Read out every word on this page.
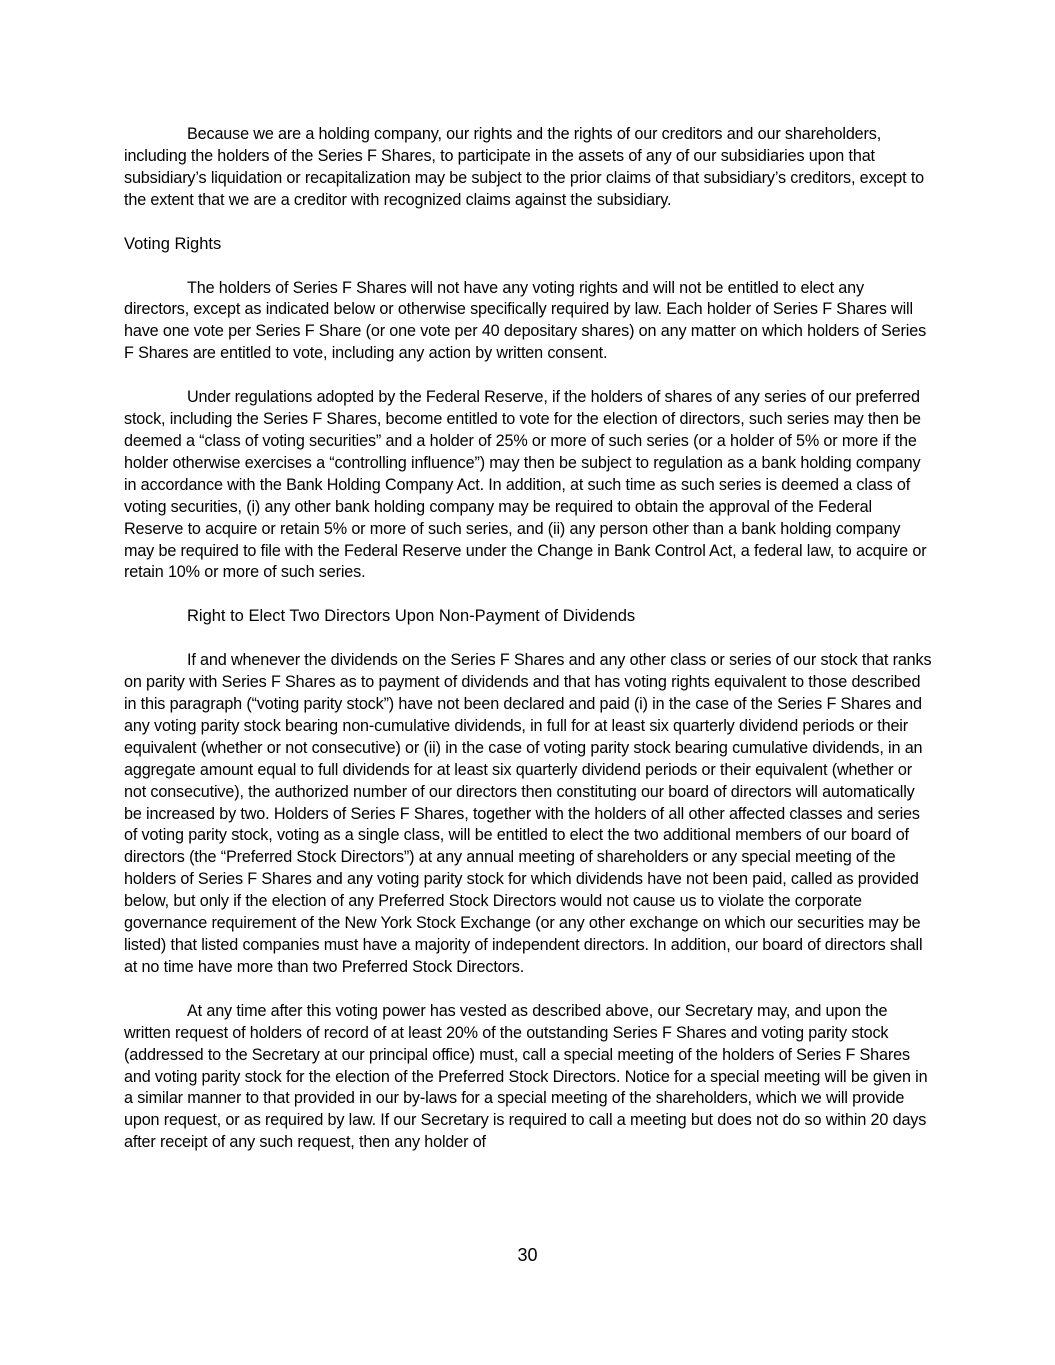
Because we are a holding company, our rights and the rights of our creditors and our shareholders, including the holders of the Series F Shares, to participate in the assets of any of our subsidiaries upon that subsidiary’s liquidation or recapitalization may be subject to the prior claims of that subsidiary’s creditors, except to the extent that we are a creditor with recognized claims against the subsidiary.

Voting Rights

The holders of Series F Shares will not have any voting rights and will not be entitled to elect any directors, except as indicated below or otherwise specifically required by law. Each holder of Series F Shares will have one vote per Series F Share (or one vote per 40 depositary shares) on any matter on which holders of Series F Shares are entitled to vote, including any action by written consent.

Under regulations adopted by the Federal Reserve, if the holders of shares of any series of our preferred stock, including the Series F Shares, become entitled to vote for the election of directors, such series may then be deemed a “class of voting securities” and a holder of 25% or more of such series (or a holder of 5% or more if the holder otherwise exercises a “controlling influence”) may then be subject to regulation as a bank holding company in accordance with the Bank Holding Company Act. In addition, at such time as such series is deemed a class of voting securities, (i) any other bank holding company may be required to obtain the approval of the Federal Reserve to acquire or retain 5% or more of such series, and (ii) any person other than a bank holding company may be required to file with the Federal Reserve under the Change in Bank Control Act, a federal law, to acquire or retain 10% or more of such series.

Right to Elect Two Directors Upon Non-Payment of Dividends

If and whenever the dividends on the Series F Shares and any other class or series of our stock that ranks on parity with Series F Shares as to payment of dividends and that has voting rights equivalent to those described in this paragraph (“voting parity stock”) have not been declared and paid (i) in the case of the Series F Shares and any voting parity stock bearing non-cumulative dividends, in full for at least six quarterly dividend periods or their equivalent (whether or not consecutive) or (ii) in the case of voting parity stock bearing cumulative dividends, in an aggregate amount equal to full dividends for at least six quarterly dividend periods or their equivalent (whether or not consecutive), the authorized number of our directors then constituting our board of directors will automatically be increased by two. Holders of Series F Shares, together with the holders of all other affected classes and series of voting parity stock, voting as a single class, will be entitled to elect the two additional members of our board of directors (the “Preferred Stock Directors”) at any annual meeting of shareholders or any special meeting of the holders of Series F Shares and any voting parity stock for which dividends have not been paid, called as provided below, but only if the election of any Preferred Stock Directors would not cause us to violate the corporate governance requirement of the New York Stock Exchange (or any other exchange on which our securities may be listed) that listed companies must have a majority of independent directors. In addition, our board of directors shall at no time have more than two Preferred Stock Directors.

At any time after this voting power has vested as described above, our Secretary may, and upon the written request of holders of record of at least 20% of the outstanding Series F Shares and voting parity stock (addressed to the Secretary at our principal office) must, call a special meeting of the holders of Series F Shares and voting parity stock for the election of the Preferred Stock Directors. Notice for a special meeting will be given in a similar manner to that provided in our by-laws for a special meeting of the shareholders, which we will provide upon request, or as required by law. If our Secretary is required to call a meeting but does not do so within 20 days after receipt of any such request, then any holder of

30
